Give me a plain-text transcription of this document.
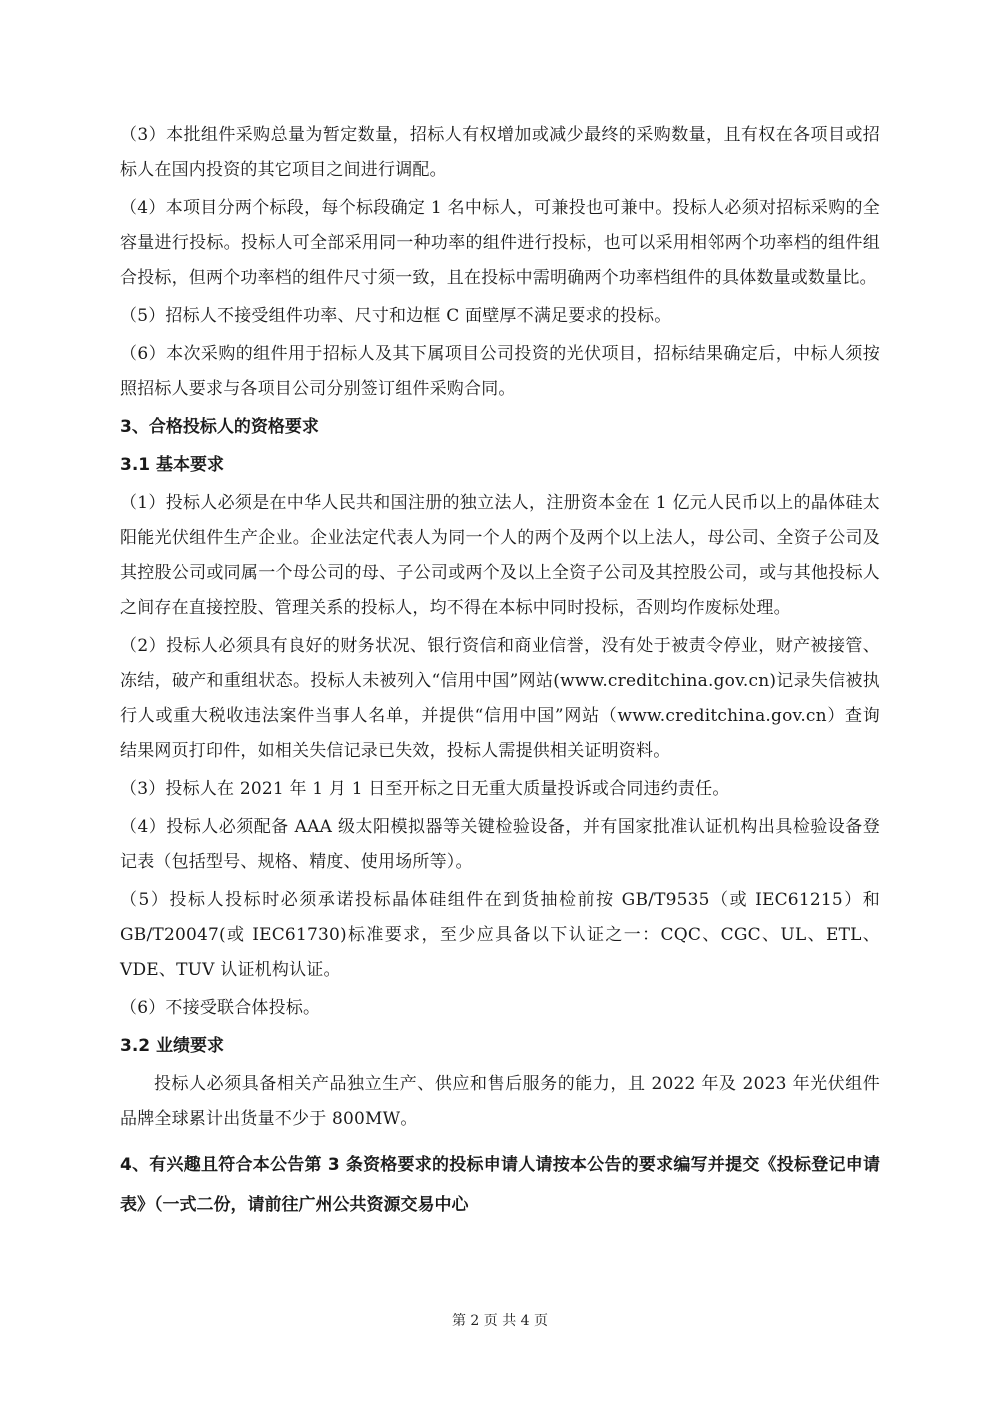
（3）本批组件采购总量为暂定数量，招标人有权增加或减少最终的采购数量，且有权在各项目或招标人在国内投资的其它项目之间进行调配。

（4）本项目分两个标段，每个标段确定 1 名中标人，可兼投也可兼中。投标人必须对招标采购的全容量进行投标。投标人可全部采用同一种功率的组件进行投标，也可以采用相邻两个功率档的组件组合投标，但两个功率档的组件尺寸须一致，且在投标中需明确两个功率档组件的具体数量或数量比。

（5）招标人不接受组件功率、尺寸和边框 C 面壁厚不满足要求的投标。

（6）本次采购的组件用于招标人及其下属项目公司投资的光伏项目，招标结果确定后，中标人须按照招标人要求与各项目公司分别签订组件采购合同。

3、合格投标人的资格要求

3.1 基本要求

（1）投标人必须是在中华人民共和国注册的独立法人，注册资本金在 1 亿元人民币以上的晶体硅太阳能光伏组件生产企业。企业法定代表人为同一个人的两个及两个以上法人，母公司、全资子公司及其控股公司或同属一个母公司的母、子公司或两个及以上全资子公司及其控股公司，或与其他投标人之间存在直接控股、管理关系的投标人，均不得在本标中同时投标，否则均作废标处理。

（2）投标人必须具有良好的财务状况、银行资信和商业信誉，没有处于被责令停业，财产被接管、冻结，破产和重组状态。投标人未被列入“信用中国”网站(www.creditchina.gov.cn)记录失信被执行人或重大税收违法案件当事人名单，并提供“信用中国”网站（www.creditchina.gov.cn）查询结果网页打印件，如相关失信记录已失效，投标人需提供相关证明资料。

（3）投标人在 2021 年 1 月 1 日至开标之日无重大质量投诉或合同违约责任。

（4）投标人必须配备 AAA 级太阳模拟器等关键检验设备，并有国家批准认证机构出具检验设备登记表（包括型号、规格、精度、使用场所等）。

（5）投标人投标时必须承诺投标晶体硅组件在到货抽检前按 GB/T9535（或 IEC61215）和 GB/T20047(或 IEC61730)标准要求，至少应具备以下认证之一：CQC、CGC、UL、ETL、VDE、TUV 认证机构认证。

（6）不接受联合体投标。

3.2 业绩要求

投标人必须具备相关产品独立生产、供应和售后服务的能力，且 2022 年及 2023 年光伏组件品牌全球累计出货量不少于 800MW。

4、有兴趣且符合本公告第 3 条资格要求的投标申请人请按本公告的要求编写并提交《投标登记申请表》（一式二份，请前往广州公共资源交易中心

第 2 页 共 4 页
